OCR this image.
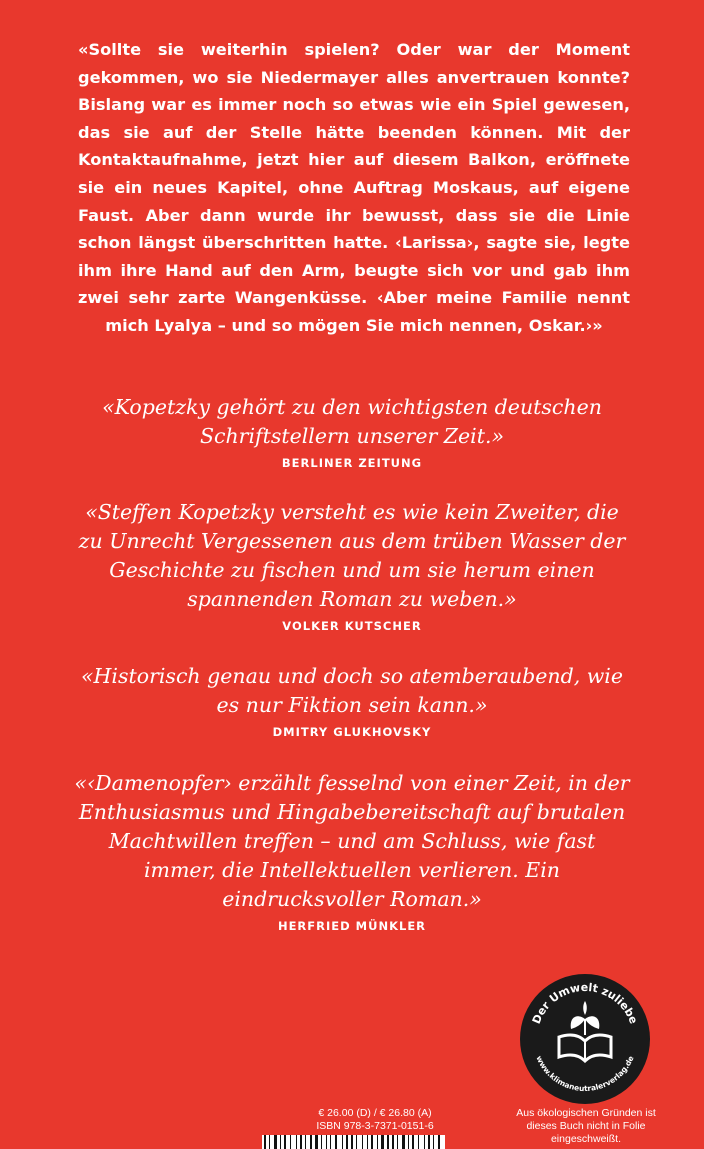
«Sollte sie weiterhin spielen? Oder war der Moment gekommen, wo sie Niedermayer alles anvertrauen konnte? Bislang war es immer noch so etwas wie ein Spiel gewesen, das sie auf der Stelle hätte beenden können. Mit der Kontaktaufnahme, jetzt hier auf diesem Balkon, eröffnete sie ein neues Kapitel, ohne Auftrag Moskaus, auf eigene Faust. Aber dann wurde ihr bewusst, dass sie die Linie schon längst überschritten hatte. ‹Larissa›, sagte sie, legte ihm ihre Hand auf den Arm, beugte sich vor und gab ihm zwei sehr zarte Wangenküsse. ‹Aber meine Familie nennt mich Lyalya – und so mögen Sie mich nennen, Oskar.›»

«Kopetzky gehört zu den wichtigsten deutschen Schriftstellern unserer Zeit.»

BERLINER ZEITUNG

«Steffen Kopetzky versteht es wie kein Zweiter, die zu Unrecht Vergessenen aus dem trüben Wasser der Geschichte zu fischen und um sie herum einen spannenden Roman zu weben.»

VOLKER KUTSCHER

«Historisch genau und doch so atemberaubend, wie es nur Fiktion sein kann.»

DMITRY GLUKHOVSKY

«‹Damenopfer› erzählt fesselnd von einer Zeit, in der Enthusiasmus und Hingabebereitschaft auf brutalen Machtwillen treffen – und am Schluss, wie fast immer, die Intellektuellen verlieren. Ein eindrucksvoller Roman.»

HERFRIED MÜNKLER
Der Umwelt zuliebe
www.klimaneutralerverlag.de

Aus ökologischen Gründen ist dieses Buch nicht in Folie eingeschweißt.

€ 26.00 (D) / € 26.80 (A)
ISBN 978-3-7371-0151-6
